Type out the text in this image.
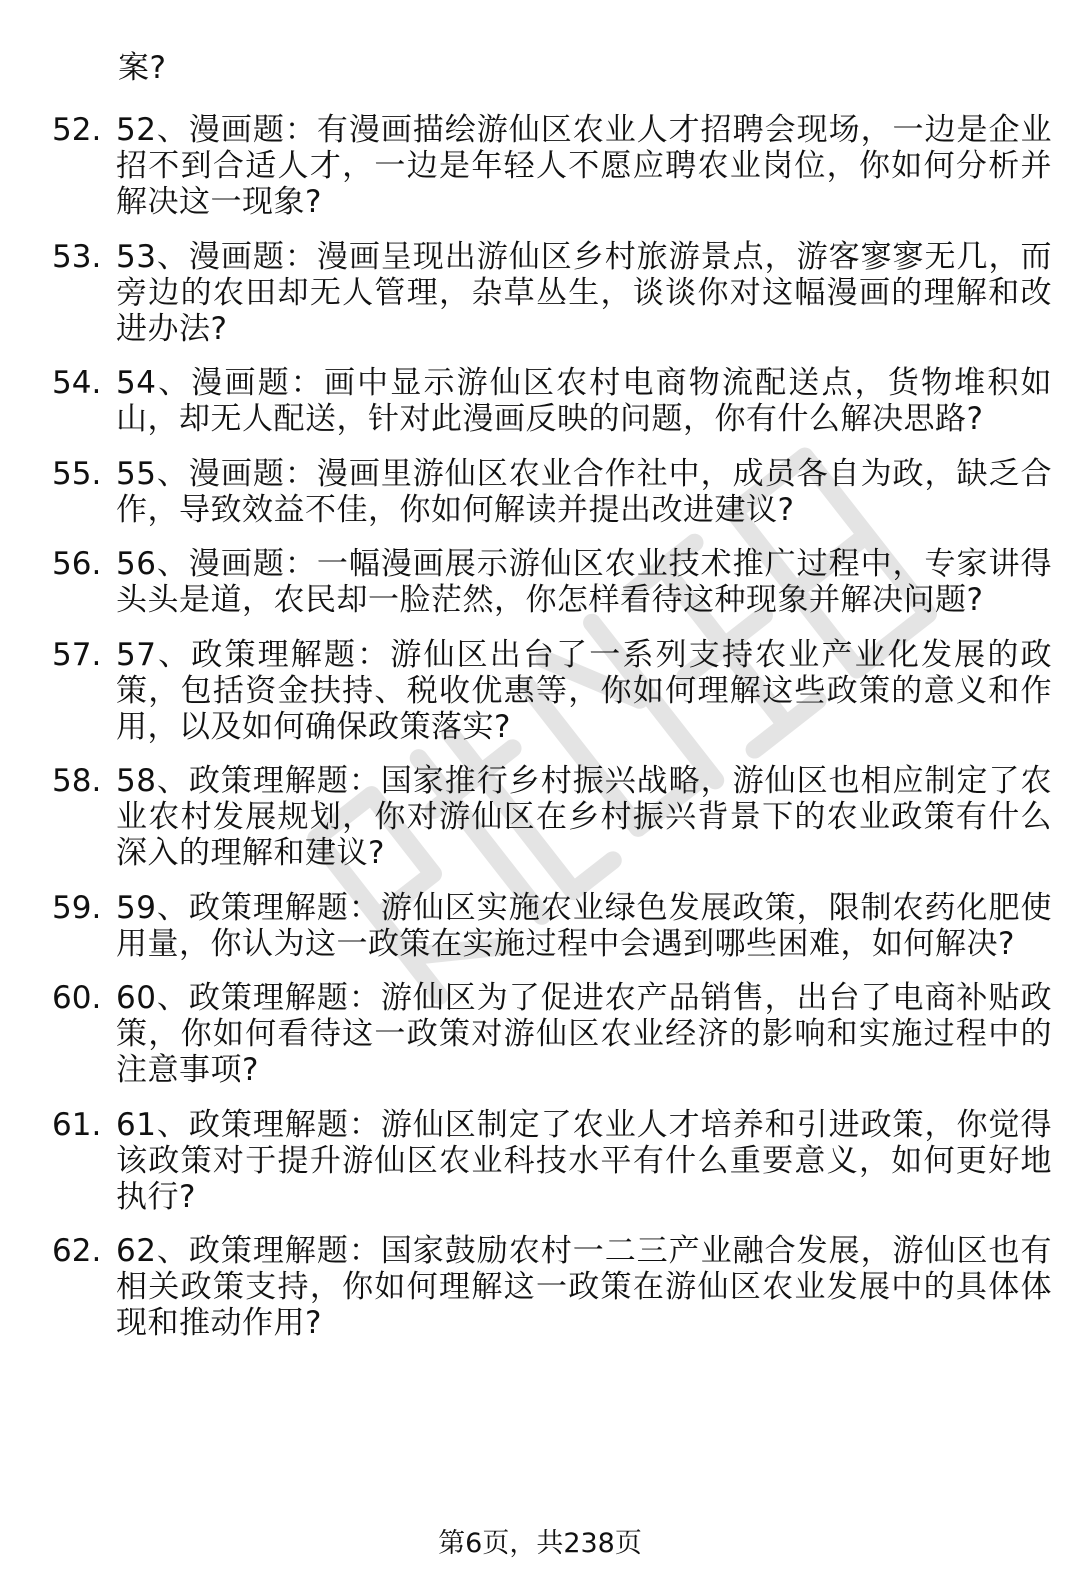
案?
52. 52、漫画题：有漫画描绘游仙区农业人才招聘会现场，一边是企业招不到合适人才，一边是年轻人不愿应聘农业岗位，你如何分析并解决这一现象?
53. 53、漫画题：漫画呈现出游仙区乡村旅游景点，游客寥寥无几，而旁边的农田却无人管理，杂草丛生，谈谈你对这幅漫画的理解和改进办法?
54. 54、漫画题：画中显示游仙区农村电商物流配送点，货物堆积如山，却无人配送，针对此漫画反映的问题，你有什么解决思路?
55. 55、漫画题：漫画里游仙区农业合作社中，成员各自为政，缺乏合作，导致效益不佳，你如何解读并提出改进建议?
56. 56、漫画题：一幅漫画展示游仙区农业技术推广过程中，专家讲得头头是道，农民却一脸茫然，你怎样看待这种现象并解决问题?
57. 57、政策理解题：游仙区出台了一系列支持农业产业化发展的政策，包括资金扶持、税收优惠等，你如何理解这些政策的意义和作用，以及如何确保政策落实?
58. 58、政策理解题：国家推行乡村振兴战略，游仙区也相应制定了农业农村发展规划，你对游仙区在乡村振兴背景下的农业政策有什么深入的理解和建议?
59. 59、政策理解题：游仙区实施农业绿色发展政策，限制农药化肥使用量，你认为这一政策在实施过程中会遇到哪些困难，如何解决?
60. 60、政策理解题：游仙区为了促进农产品销售，出台了电商补贴政策，你如何看待这一政策对游仙区农业经济的影响和实施过程中的注意事项?
61. 61、政策理解题：游仙区制定了农业人才培养和引进政策，你觉得该政策对于提升游仙区农业科技水平有什么重要意义，如何更好地执行?
62. 62、政策理解题：国家鼓励农村一二三产业融合发展，游仙区也有相关政策支持，你如何理解这一政策在游仙区农业发展中的具体体现和推动作用?
第6页，共238页
